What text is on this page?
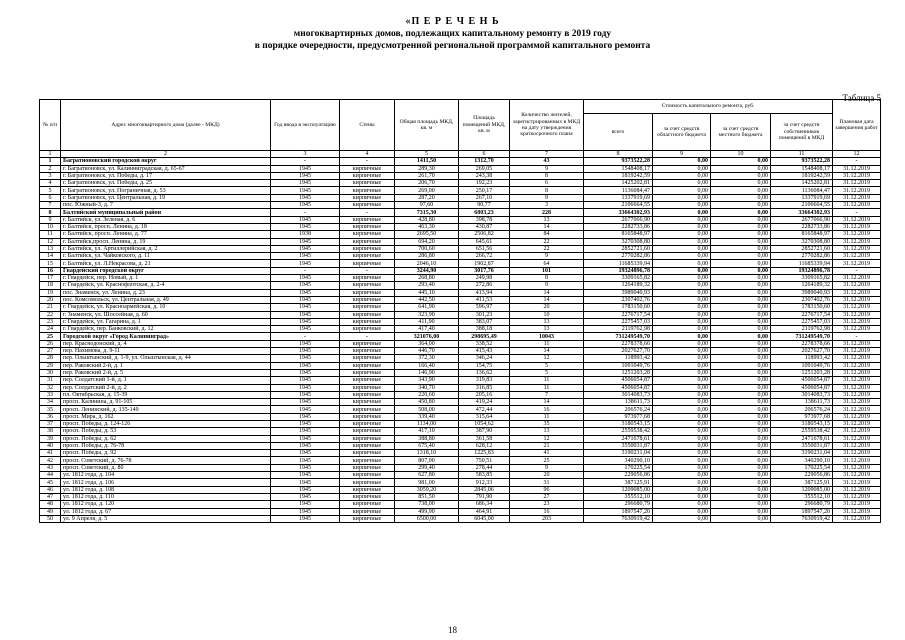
«П Е Р Е Ч Е Н Ь
многоквартирных домов, подлежащих капитальному ремонту в 2019 году
в порядке очередности, предусмотренной региональной программой капитального ремонта
Таблица 5
№ п/п	Адрес многоквартирного дома (далее - МКД)	Год ввода в эксплуатацию	Стены	Общая площадь МКД, кв. м	Площадь помещений МКД, кв. м	Количество жителей, зарегистрированных в МКД на дату утверждения краткосрочного плана	Стоимость капитального ремонта, руб.				Плановая дата завершения работ
							всего	за счет средств областного бюджета	за счет средств местного бюджета	за счет средств собственников помещений в МКД	
1	2	3	4	5	6	7	8	9	10	11	12
1	Багратионовский городской округ	-	-	1411,50	1312,70	43	9373522,28	0,00	0,00	9373522,28	-
2	г. Багратионовск, ул. Калинниградская, д. 65-67	1945	кирпичные	289,30	269,05	9	1548408,17	0,00	0,00	1548408,17	31.12.2019
3	г. Багратионовск, ул. Победы, д. 17	1945	кирпичные	261,70	243,38	8	1819242,59	0,00	0,00	1819242,59	31.12.2019
4	г. Багратионовск, ул. Победы, д. 25	1945	кирпичные	206,70	192,23	6	1425202,81	0,00	0,00	1425202,81	31.12.2019
5	г. Багратионовск, ул. Пограничная, д. 53	1945	кирпичные	269,00	250,17	8	1136084,47	0,00	0,00	1136084,47	31.12.2019
6	г. Багратионовск, ул. Центральная, д. 19	1945	кирпичные	287,20	267,10	9	1337919,69	0,00	0,00	1337919,69	31.12.2019
7	пос. Южный-3, д. 7	1945	кирпичные	97,60	90,77	3	2106664,55	0,00	0,00	2106664,55	31.12.2019
8	Балтийский муниципальный район	-	-	7315,30	6803,23	228	33664302,93	0,00	0,00	33664302,93	-
9	г. Балтийск, ул. Зеленая, д. 6	1945	кирпичные	428,80	398,78	13	2677066,90	0,00	0,00	2677066,90	31.12.2019
10	г. Балтийск, просп. Ленина, д. 18	1945	кирпичные	463,30	430,87	14	2282733,86	0,00	0,00	2282733,86	31.12.2019
11	г. Балтийск, просп. Ленина, д. 77	1938	кирпичные	2695,50	2506,82	84	8165848,97	0,00	0,00	8165848,97	31.12.2019
12	г. Балтийск,просп. Ленина, д. 19	1945	кирпичные	694,20	645,61	22	3270308,80	0,00	0,00	3270308,80	31.12.2019
13	г. Балтийск, ул. Артиллерийская, д. 2	1945	кирпичные	700,60	651,56	22	2852721,60	0,00	0,00	2852721,60	31.12.2019
14	г. Балтийск, ул. Чайковского, д. 11	1945	кирпичные	286,80	266,72	9	2770282,86	0,00	0,00	2770282,86	31.12.2019
15	г. Балтийск, ул. Л.Некрасова, д. 21	1945	кирпичные	2046,10	1902,87	64	11685339,94	0,00	0,00	11685339,94	31.12.2019
16	Гвардейский городской округ	-	-	3244,90	3017,76	101	19324896,78	0,00	0,00	19324896,78	-
17	г. Гвардейск, пер. Новый, д. 1	1945	кирпичные	268,80	249,98	8	3309165,82	0,00	0,00	3309165,82	31.12.2019
18	г. Гвардейск, ул. Краснофлотская, д. 2-4	1945	кирпичные	293,40	272,86	9	1264189,32	0,00	0,00	1264189,32	31.12.2019
19	пос. Знаменск, ул. Ленина, д. 23	1945	кирпичные	445,10	413,94	14	3989040,93	0,00	0,00	3989040,93	31.12.2019
20	пос. Комсомольск, ул. Центральная, д. 49	1945	кирпичные	442,50	411,53	14	2307402,76	0,00	0,00	2307402,76	31.12.2019
21	г. Гвардейск, ул. Красноармейская, д. 10	1945	кирпичные	641,90	596,97	20	1783150,60	0,00	0,00	1783150,60	31.12.2019
22	г. Знаменск, ул. Шоссейная, д. 60	1945	кирпичные	323,90	301,23	10	2276717,54	0,00	0,00	2276717,54	31.12.2019
23	г. Гвардейск, ул. Гагарина, д. 1	1945	кирпичные	411,90	383,07	13	2275457,03	0,00	0,00	2275457,03	31.12.2019
24	г. Гвардейск, пер. Банковский, д. 12	1945	кирпичные	417,40	388,18	13	2119762,98	0,00	0,00	2119762,98	31.12.2019
25	Городской округ «Город Калининград»	-	-	321076,00	298695,49	10043	731249549,70	0,00	0,00	731249549,70	-
26	пер. Краснодонский, д. 4	1945	кирпичные	364,00	338,52	11	2278378,66	0,00	0,00	2278378,66	31.12.2019
27	пер. Нахимова, д. 9-11	1945	кирпичные	446,70	415,43	14	2027627,70	0,00	0,00	2027627,70	31.12.2019
28	пер. Ольштынский, д. 1-9, ул. Ольштынская, д. 44	1945	кирпичные	372,30	346,24	12	118993,42	0,00	0,00	118993,42	31.12.2019
29	пер. Раковский 2-й, д. 1	1945	кирпичные	166,40	154,75	5	1091049,76	0,00	0,00	1091049,76	31.12.2019
30	пер. Раковский 2-й, д. 5	1945	кирпичные	146,90	136,62	5	1251203,28	0,00	0,00	1251203,28	31.12.2019
31	пер. Солдатский 1-й, д. 1	1945	кирпичные	343,90	319,83	11	4506054,87	0,00	0,00	4506054,87	31.12.2019
32	пер. Солдатский 2-й, д. 2	1945	кирпичные	340,70	316,85	11	4506054,87	0,00	0,00	4506054,87	31.12.2019
33	пл. Октябрьская, д. 15-39	1945	кирпичные	220,60	205,16	7	3014083,73	0,00	0,00	3014083,73	31.12.2019
34	просп. Калинина, д. 91-105	1945	кирпичные	450,80	419,24	14	138611,73	0,00	0,00	138611,73	31.12.2019
35	просп. Ленинский, д. 135-149	1945	кирпичные	508,00	472,44	16	206576,24	0,00	0,00	206576,24	31.12.2019
36	просп. Мира, д. 162	1945	кирпичные	339,40	315,64	11	973977,68	0,00	0,00	973977,68	31.12.2019
37	просп. Победы, д. 124-126	1945	кирпичные	1134,00	1054,62	35	3180543,15	0,00	0,00	3180543,15	31.12.2019
38	просп. Победы, д. 53	1945	кирпичные	417,10	387,90	13	2559538,42	0,00	0,00	2559538,42	31.12.2019
39	просп. Победы, д. 62	1945	кирпичные	388,80	361,58	12	2471678,61	0,00	0,00	2471678,61	31.12.2019
40	просп. Победы, д. 76-78	1945	кирпичные	675,40	628,12	21	3550031,87	0,00	0,00	3550031,87	31.12.2019
41	просп. Победы, д. 92	1945	кирпичные	1318,10	1225,83	41	3190231,04	0,00	0,00	3190231,04	31.12.2019
42	просп. Советский, д. 76-78	1945	кирпичные	807,00	750,51	25	340290,10	0,00	0,00	340290,10	31.12.2019
43	просп. Советский, д. 80	1945	кирпичные	299,40	278,44	9	170225,54	0,00	0,00	170225,54	31.12.2019
44	ул. 1812 года, д. 104	1945	кирпичные	627,80	583,85	20	229056,86	0,00	0,00	229056,86	31.12.2019
45	ул. 1812 года, д. 106	1945	кирпичные	981,00	912,33	31	387125,91	0,00	0,00	387125,91	31.12.2019
46	ул. 1812 года, д. 108	1945	кирпичные	3059,20	2845,06	96	1209085,00	0,00	0,00	1209085,00	31.12.2019
47	ул. 1812 года, д. 110	1945	кирпичные	851,50	791,90	27	355512,10	0,00	0,00	355512,10	31.12.2019
48	ул. 1812 года, д. 120	1945	кирпичные	738,00	686,34	23	296680,79	0,00	0,00	296680,79	31.12.2019
49	ул. 1812 года, д. 67	1945	кирпичные	499,90	464,91	16	1897547,20	0,00	0,00	1897547,20	31.12.2019
50	ул. 9 Апреля, д. 5	1945	кирпичные	6500,00	6045,00	203	7630919,42	0,00	0,00	7630919,42	31.12.2019
18
